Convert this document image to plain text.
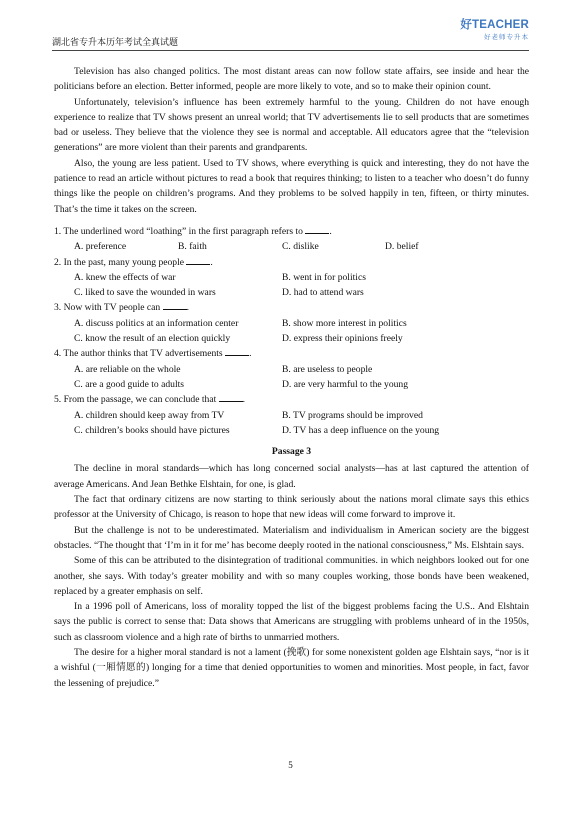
湖北省专升本历年考试全真试题
好TEACHER
好老师专升本

Television has also changed politics. The most distant areas can now follow state affairs, see inside and hear the politicians before an election. Better informed, people are more likely to vote, and so to make their opinion count.

Unfortunately, television’s influence has been extremely harmful to the young. Children do not have enough experience to realize that TV shows present an unreal world; that TV advertisements lie to sell products that are sometimes bad or useless. They believe that the violence they see is normal and acceptable. All educators agree that the “television generations” are more violent than their parents and grandparents.

Also, the young are less patient. Used to TV shows, where everything is quick and interesting, they do not have the patience to read an article without pictures to read a book that requires thinking; to listen to a teacher who doesn’t do funny things like the people on children’s programs. And they problems to be solved happily in ten, fifteen, or thirty minutes. That’s the time it takes on the screen.

1. The underlined word “loathing” in the first paragraph refers to	.
A. preference	B. faith	C. dislike	D. belief
2. In the past, many young people	.
A. knew the effects of war	B. went in for politics
C. liked to save the wounded in wars	D. had to attend wars
3. Now with TV people can	.
A. discuss politics at an information center	B. show more interest in politics
C. know the result of an election quickly	D. express their opinions freely
4. The author thinks that TV advertisements	.
A. are reliable on the whole	B. are useless to people
C. are a good guide to adults	D. are very harmful to the young
5. From the passage, we can conclude that	.
A. children should keep away from TV	B. TV programs should be improved
C. children’s books should have pictures	D. TV has a deep influence on the young
Passage 3

The decline in moral standards—which has long concerned social analysts—has at last captured the attention of average Americans. And Jean Bethke Elshtain, for one, is glad.

The fact that ordinary citizens are now starting to think seriously about the nations moral climate says this ethics professor at the University of Chicago, is reason to hope that new ideas will come forward to improve it.

But the challenge is not to be underestimated. Materialism and individualism in American society are the biggest obstacles. “The thought that ‘I’m in it for me’ has become deeply rooted in the national consciousness,” Ms. Elshtain says.

Some of this can be attributed to the disintegration of traditional communities. in which neighbors looked out for one another, she says. With today’s greater mobility and with so many couples working, those bonds have been weakened, replaced by a greater emphasis on self.

In a 1996 poll of Americans, loss of morality topped the list of the biggest problems facing the U.S.. And Elshtain says the public is correct to sense that: Data shows that Americans are struggling with problems unheard of in the 1950s, such as classroom violence and a high rate of births to unmarried mothers.

The desire for a higher moral standard is not a lament (挽歌) for some nonexistent golden age Elshtain says, “nor is it a wishful (一厢情愿的) longing for a time that denied opportunities to women and minorities. Most people, in fact, favor the lessening of prejudice.”

5
